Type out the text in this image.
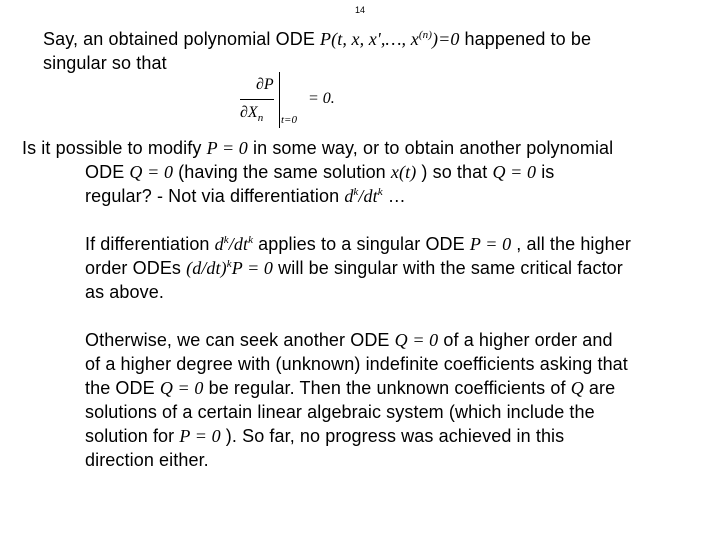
14
Say, an obtained polynomial ODE P(t, x, x',…, $x^{(n)})=0$ happened to be
singular so that
∂P
$\partial X_n$ t=0
= 0.
Is it possible to modify P = 0 in some way, or to obtain another polynomial
ODE Q = 0 (having the same solution x(t) ) so that Q = 0 is
regular? - Not via differentiation $d^k/dt^k$ …
If differentiation $d^k/dt^k$ applies to a singular ODE P = 0 , all the higher
order ODEs $(d/dt)^kP = 0$ will be singular with the same critical factor
as above.
Otherwise, we can seek another ODE Q = 0 of a higher order and
of a higher degree with (unknown) indefinite coefficients asking that
the ODE Q = 0 be regular. Then the unknown coefficients of Q are
solutions of a certain linear algebraic system (which include the
solution for P = 0 ). So far, no progress was achieved in this
direction either.
